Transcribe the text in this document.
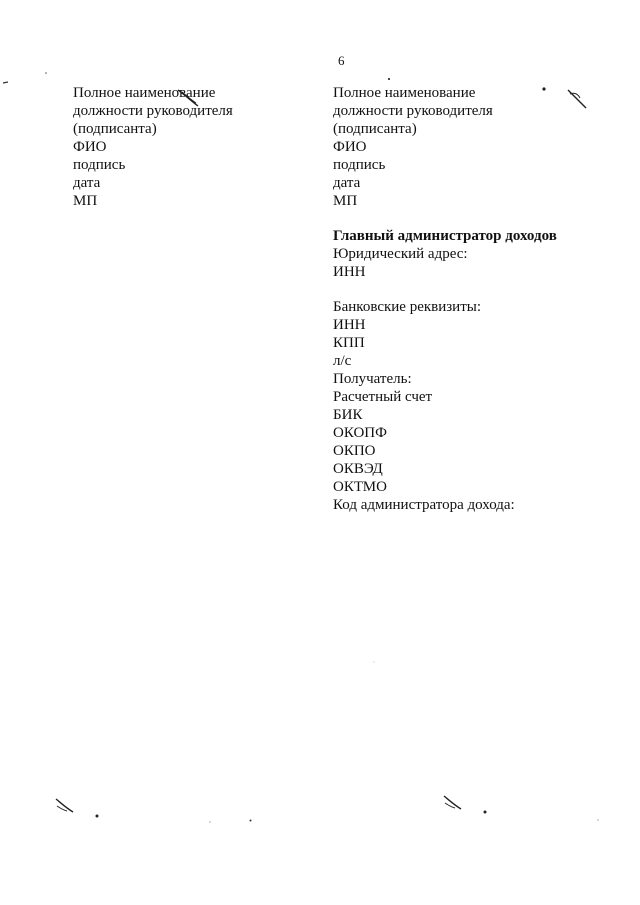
6
Полное наименование
должности руководителя
(подписанта)
ФИО
подпись
дата
МП
Полное наименование
должности руководителя
(подписанта)
ФИО
подпись
дата
МП
Главный администратор доходов
Юридический адрес:
ИНН
Банковские реквизиты:
ИНН
КПП
л/с
Получатель:
Расчетный счет
БИК
ОКОПФ
ОКПО
ОКВЭД
ОКТМО
Код администратора дохода:
